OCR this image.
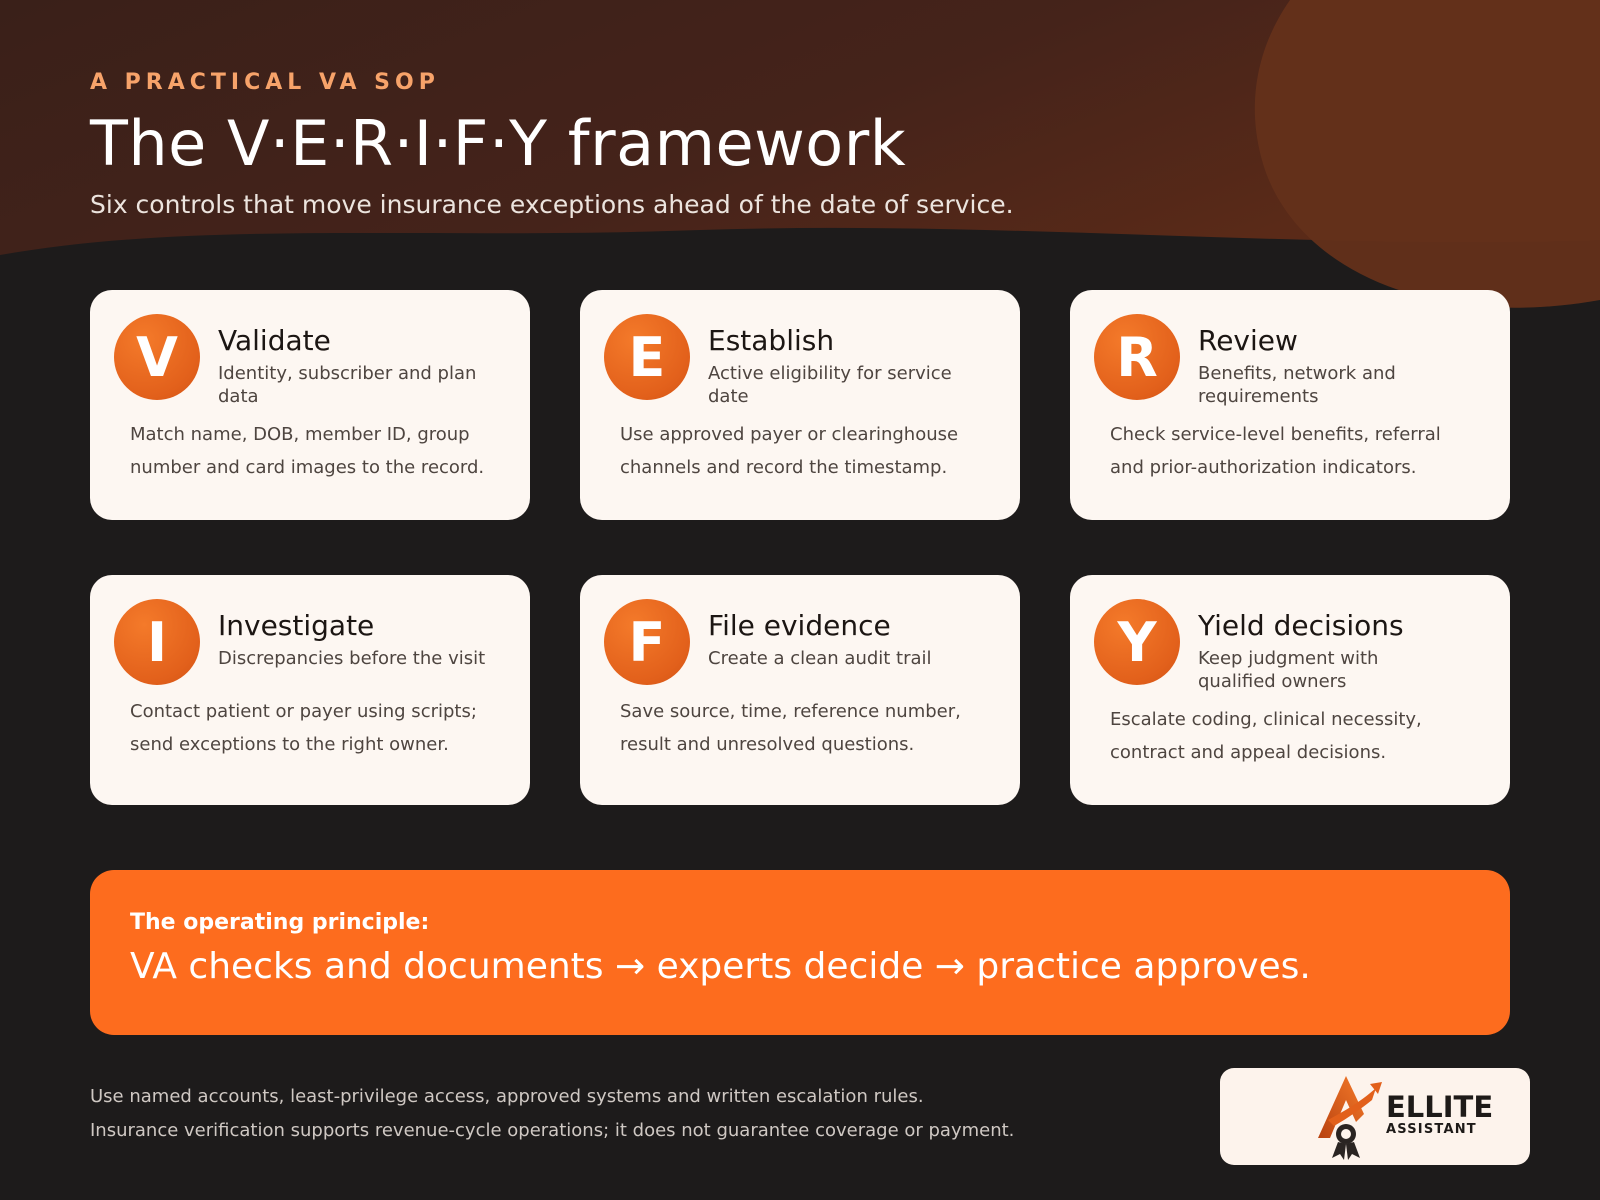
A PRACTICAL VA SOP
The V·E·R·I·F·Y framework
Six controls that move insurance exceptions ahead of the date of service.
V	Validate
Identity, subscriber and plan data
Match name, DOB, member ID, group number and card images to the record.
E	Establish
Active eligibility for service date
Use approved payer or clearinghouse channels and record the timestamp.
R	Review
Benefits, network and requirements
Check service-level benefits, referral and prior-authorization indicators.
I	Investigate
Discrepancies before the visit
Contact patient or payer using scripts; send exceptions to the right owner.
F	File evidence
Create a clean audit trail
Save source, time, reference number, result and unresolved questions.
Y	Yield decisions
Keep judgment with qualified owners
Escalate coding, clinical necessity, contract and appeal decisions.
The operating principle:
VA checks and documents → experts decide → practice approves.
Use named accounts, least-privilege access, approved systems and written escalation rules.
Insurance verification supports revenue-cycle operations; it does not guarantee coverage or payment.
ELLITE
ASSISTANT
